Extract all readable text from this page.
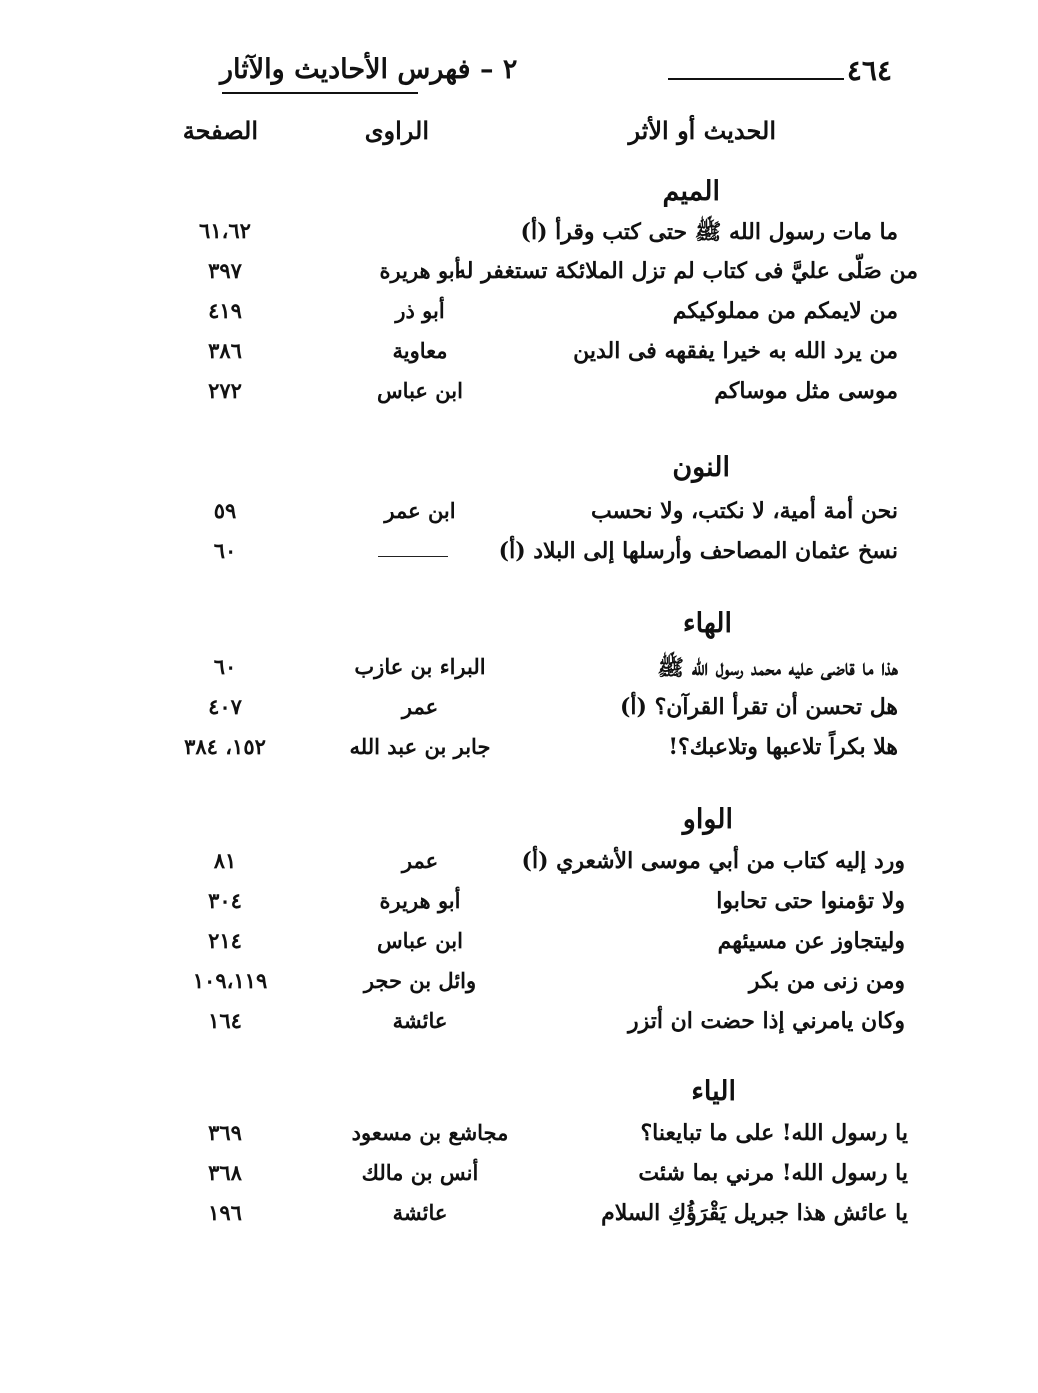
٤٦٤
٢ – فهرس الأحاديث والآثار
الحديث أو الأثر
الراوى
الصفحة
الميم
ما مات رسول الله ﷺ حتى كتب وقرأ (أ)
٦١،٦٢
من صَلّى عليَّ فى كتاب لم تزل الملائكة تستغفر له
أبو هريرة
٣٩٧
من لايمكم من مملوكيكم
أبو ذر
٤١٩
من يرد الله به خيرا يفقهه فى الدين
معاوية
٣٨٦
موسى مثل موساكم
ابن عباس
٢٧٢
النون
نحن أمة أمية، لا نكتب، ولا نحسب
ابن عمر
٥٩
نسخ عثمان المصاحف وأرسلها إلى البلاد (أ)
٦٠
الهاء
هذا ما قاضى عليه محمد رسول الله ﷺ
البراء بن عازب
٦٠
هل تحسن أن تقرأ القرآن؟ (أ)
عمر
٤٠٧
هلا بكراً تلاعبها وتلاعبك؟!
جابر بن عبد الله
١٥٢، ٣٨٤
الواو
ورد إليه كتاب من أبي موسى الأشعري (أ)
عمر
٨١
ولا تؤمنوا حتى تحابوا
أبو هريرة
٣٠٤
وليتجاوز عن مسيئهم
ابن عباس
٢١٤
ومن زنى من بكر
وائل بن حجر
١٠٩،١١٩
وكان يامرني إذا حضت ان أتزر
عائشة
١٦٤
الياء
يا رسول الله! على ما تبايعنا؟
مجاشع بن مسعود
٣٦٩
يا رسول الله! مرني بما شئت
أنس بن مالك
٣٦٨
يا عائش هذا جبريل يَقْرَؤُكِ السلام
عائشة
١٩٦
